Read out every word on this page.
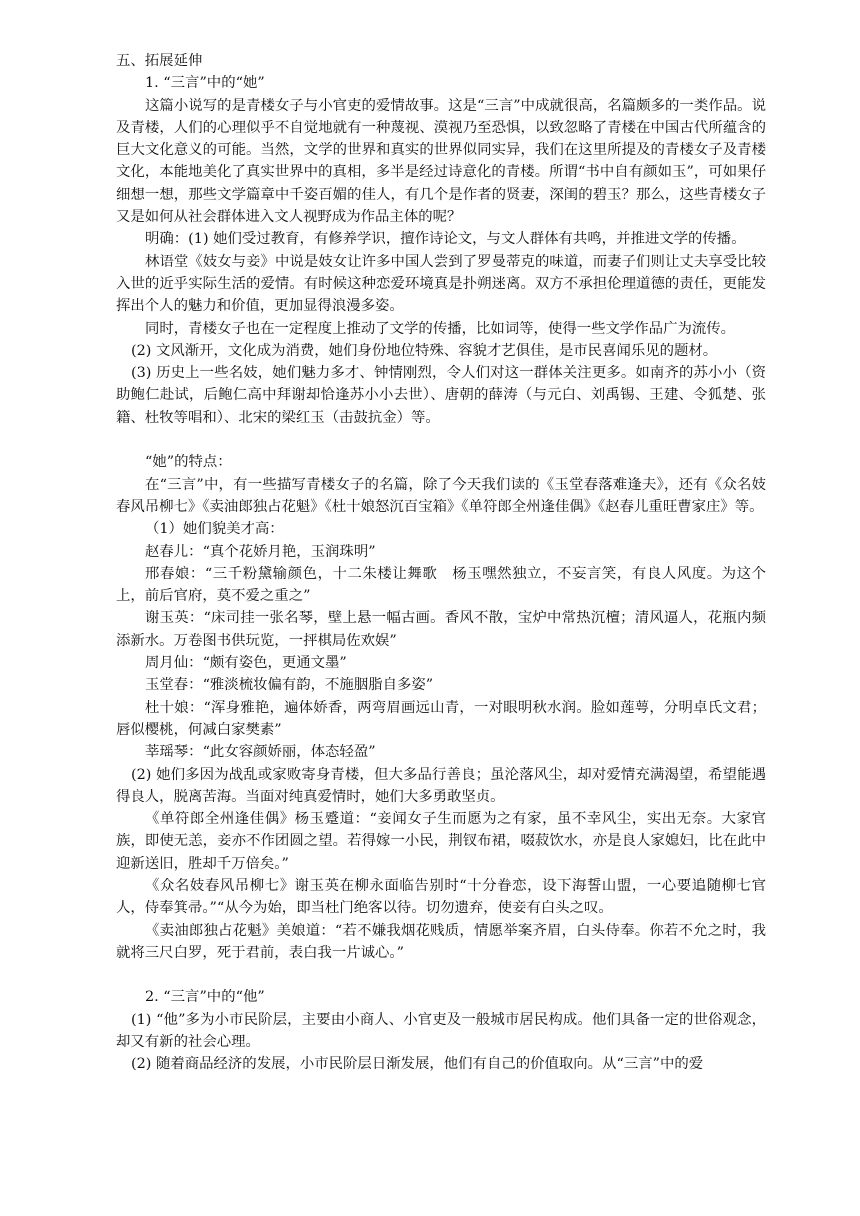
五、拓展延伸

1. “三言”中的“她”

这篇小说写的是青楼女子与小官吏的爱情故事。这是“三言”中成就很高，名篇颇多的一类作品。说及青楼，人们的心理似乎不自觉地就有一种蔑视、漠视乃至恐惧，以致忽略了青楼在中国古代所蕴含的巨大文化意义的可能。当然，文学的世界和真实的世界似同实异，我们在这里所提及的青楼女子及青楼文化，本能地美化了真实世界中的真相，多半是经过诗意化的青楼。所谓“书中自有颜如玉”，可如果仔细想一想，那些文学篇章中千姿百媚的佳人，有几个是作者的贤妻，深闺的碧玉？那么，这些青楼女子又是如何从社会群体进入文人视野成为作品主体的呢？

明确：(1) 她们受过教育，有修养学识，擅作诗论文，与文人群体有共鸣，并推进文学的传播。

林语堂《妓女与妾》中说是妓女让许多中国人尝到了罗曼蒂克的味道，而妻子们则让丈夫享受比较入世的近乎实际生活的爱情。有时候这种恋爱环境真是扑朔迷离。双方不承担伦理道德的责任，更能发挥出个人的魅力和价值，更加显得浪漫多姿。

同时，青楼女子也在一定程度上推动了文学的传播，比如词等，使得一些文学作品广为流传。

(2) 文风渐开，文化成为消费，她们身份地位特殊、容貌才艺俱佳，是市民喜闻乐见的题材。

(3) 历史上一些名妓，她们魅力多才、钟情刚烈，令人们对这一群体关注更多。如南齐的苏小小（资助鲍仁赴试，后鲍仁高中拜谢却恰逢苏小小去世）、唐朝的薛涛（与元白、刘禹锡、王建、令狐楚、张籍、杜牧等唱和）、北宋的梁红玉（击鼓抗金）等。

“她”的特点：

在“三言”中，有一些描写青楼女子的名篇，除了今天我们读的《玉堂春落难逢夫》，还有《众名妓春风吊柳七》《卖油郎独占花魁》《杜十娘怒沉百宝箱》《单符郎全州逢佳偶》《赵春儿重旺曹家庄》等。

（1）她们貌美才高：

赵春儿：“真个花娇月艳，玉润珠明”

邢春娘：“三千粉黛输颜色，十二朱楼让舞歌　杨玉嘿然独立，不妄言笑，有良人风度。为这个上，前后官府，莫不爱之重之”

谢玉英：“床司挂一张名琴，壁上悬一幅古画。香风不散，宝炉中常热沉檀；清风逼人，花瓶内频添新水。万卷图书供玩览，一抨棋局佐欢娱”

周月仙：“颇有姿色，更通文墨”

玉堂春：“雅淡梳妆偏有韵，不施胭脂自多姿”

杜十娘：“浑身雅艳，遍体娇香，两弯眉画远山青，一对眼明秋水润。脸如莲萼，分明卓氏文君；唇似樱桃，何减白家樊素”

莘瑶琴：“此女容颜娇丽，体态轻盈”

(2) 她们多因为战乱或家败寄身青楼，但大多品行善良；虽沦落风尘，却对爱情充满渴望，希望能遇得良人，脱离苦海。当面对纯真爱情时，她们大多勇敢坚贞。

《单符郎全州逢佳偶》杨玉蹙道：“妾闻女子生而愿为之有家，虽不幸风尘，实出无奈。大家官族，即使无恙，妾亦不作团圆之望。若得嫁一小民，荆钗布裙，啜菽饮水，亦是良人家媳妇，比在此中迎新送旧，胜却千万倍矣。”

《众名妓春风吊柳七》谢玉英在柳永面临告别时“十分眷恋，设下海誓山盟，一心要追随柳七官人，侍奉箕帚。”“从今为始，即当杜门绝客以待。切勿遗弃，使妾有白头之叹。

《卖油郎独占花魁》美娘道：“若不嫌我烟花贱质，情愿举案齐眉，白头侍奉。你若不允之时，我就将三尺白罗，死于君前，表白我一片诚心。”

2. “三言”中的“他”

(1) “他”多为小市民阶层，主要由小商人、小官吏及一般城市居民构成。他们具备一定的世俗观念，却又有新的社会心理。

(2) 随着商品经济的发展，小市民阶层日渐发展，他们有自己的价值取向。从“三言”中的爱
